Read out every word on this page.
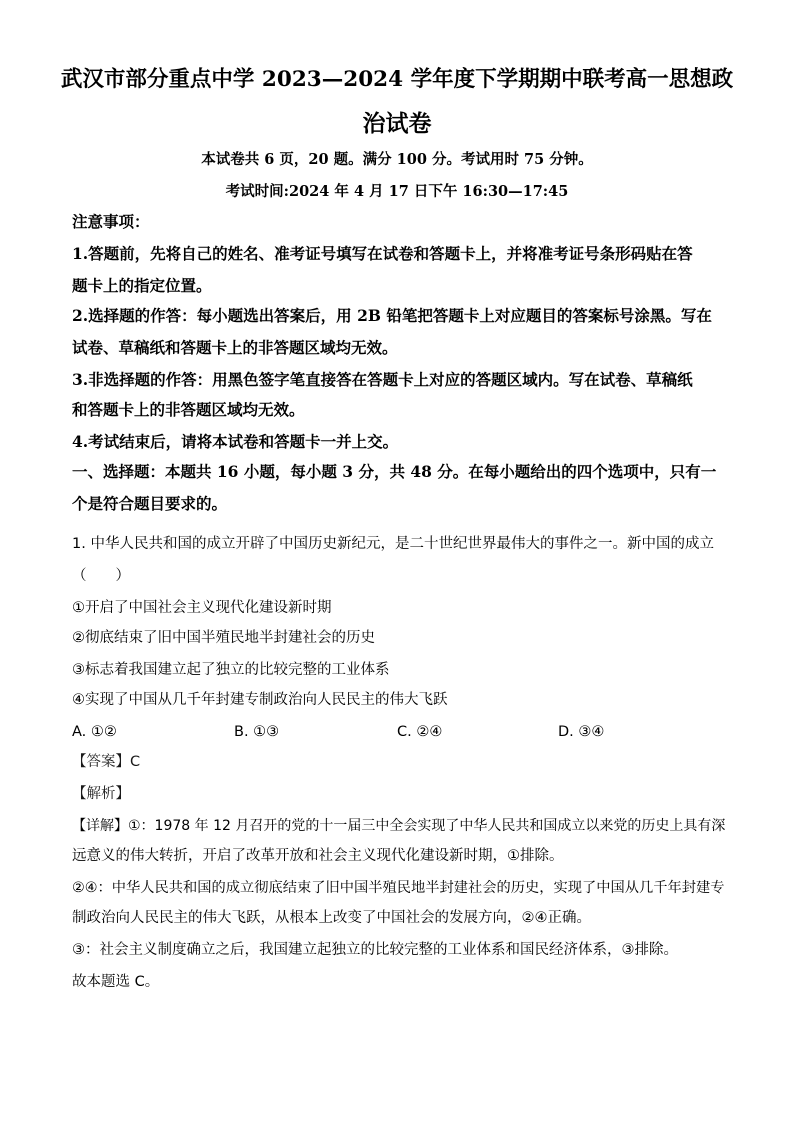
武汉市部分重点中学 2023—2024 学年度下学期期中联考高一思想政
治试卷
本试卷共 6 页，20 题。满分 100 分。考试用时 75 分钟。
考试时间:2024 年 4 月 17 日下午 16:30—17:45
注意事项：
1.答题前，先将自己的姓名、准考证号填写在试卷和答题卡上，并将准考证号条形码贴在答
题卡上的指定位置。
2.选择题的作答：每小题选出答案后，用 2B 铅笔把答题卡上对应题目的答案标号涂黑。写在
试卷、草稿纸和答题卡上的非答题区域均无效。
3.非选择题的作答：用黑色签字笔直接答在答题卡上对应的答题区域内。写在试卷、草稿纸
和答题卡上的非答题区域均无效。
4.考试结束后，请将本试卷和答题卡一并上交。
一、选择题：本题共 16 小题，每小题 3 分，共 48 分。在每小题给出的四个选项中，只有一
个是符合题目要求的。
1. 中华人民共和国的成立开辟了中国历史新纪元，是二十世纪世界最伟大的事件之一。新中国的成立
（　　）
①开启了中国社会主义现代化建设新时期
②彻底结束了旧中国半殖民地半封建社会的历史
③标志着我国建立起了独立的比较完整的工业体系
④实现了中国从几千年封建专制政治向人民民主的伟大飞跃
A. ①②	B. ①③	C. ②④	D. ③④
【答案】C
【解析】
【详解】①：1978 年 12 月召开的党的十一届三中全会实现了中华人民共和国成立以来党的历史上具有深
远意义的伟大转折，开启了改革开放和社会主义现代化建设新时期，①排除。
②④：中华人民共和国的成立彻底结束了旧中国半殖民地半封建社会的历史，实现了中国从几千年封建专
制政治向人民民主的伟大飞跃，从根本上改变了中国社会的发展方向，②④正确。
③：社会主义制度确立之后，我国建立起独立的比较完整的工业体系和国民经济体系，③排除。
故本题选 C。
